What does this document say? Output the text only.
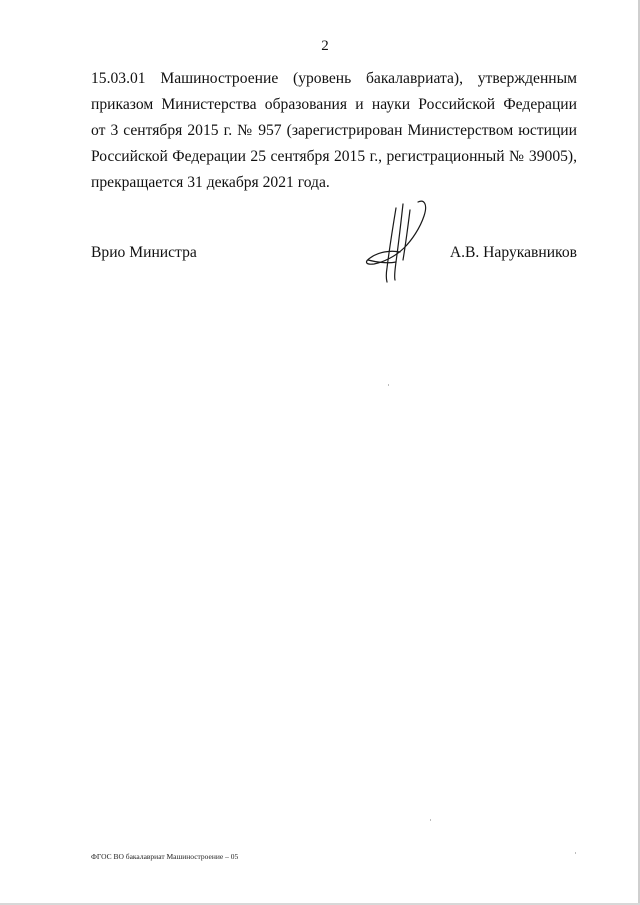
2
15.03.01 Машиностроение (уровень бакалавриата), утвержденным
приказом Министерства образования и науки Российской Федерации
от 3 сентября 2015 г. № 957 (зарегистрирован Министерством юстиции
Российской Федерации 25 сентября 2015 г., регистрационный № 39005),
прекращается 31 декабря 2021 года.
Врио Министра	А.В. Нарукавников
ФГОС ВО бакалавриат Машиностроение – 05
